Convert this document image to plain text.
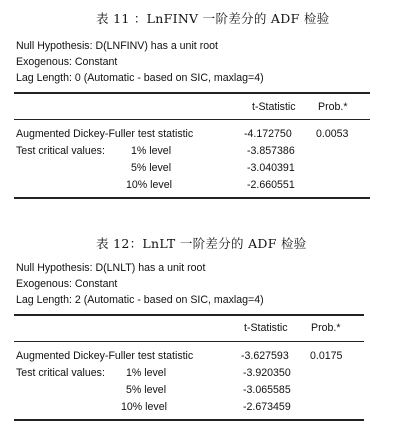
表 11 ：LnFINV 一阶差分的 ADF 检验
Null Hypothesis: D(LNFINV) has a unit root
Exogenous: Constant
Lag Length: 0 (Automatic - based on SIC, maxlag=4)
t-Statistic Prob.*
Augmented Dickey-Fuller test statistic	-4.172750 0.0053
Test critical values: 1% level	-3.857386
5% level	-3.040391
10% level	-2.660551
表 12：LnLT 一阶差分的 ADF 检验
Null Hypothesis: D(LNLT) has a unit root
Exogenous: Constant
Lag Length: 2 (Automatic - based on SIC, maxlag=4)
t-Statistic Prob.*
Augmented Dickey-Fuller test statistic	-3.627593 0.0175
Test critical values: 1% level	-3.920350
5% level	-3.065585
10% level	-2.673459
